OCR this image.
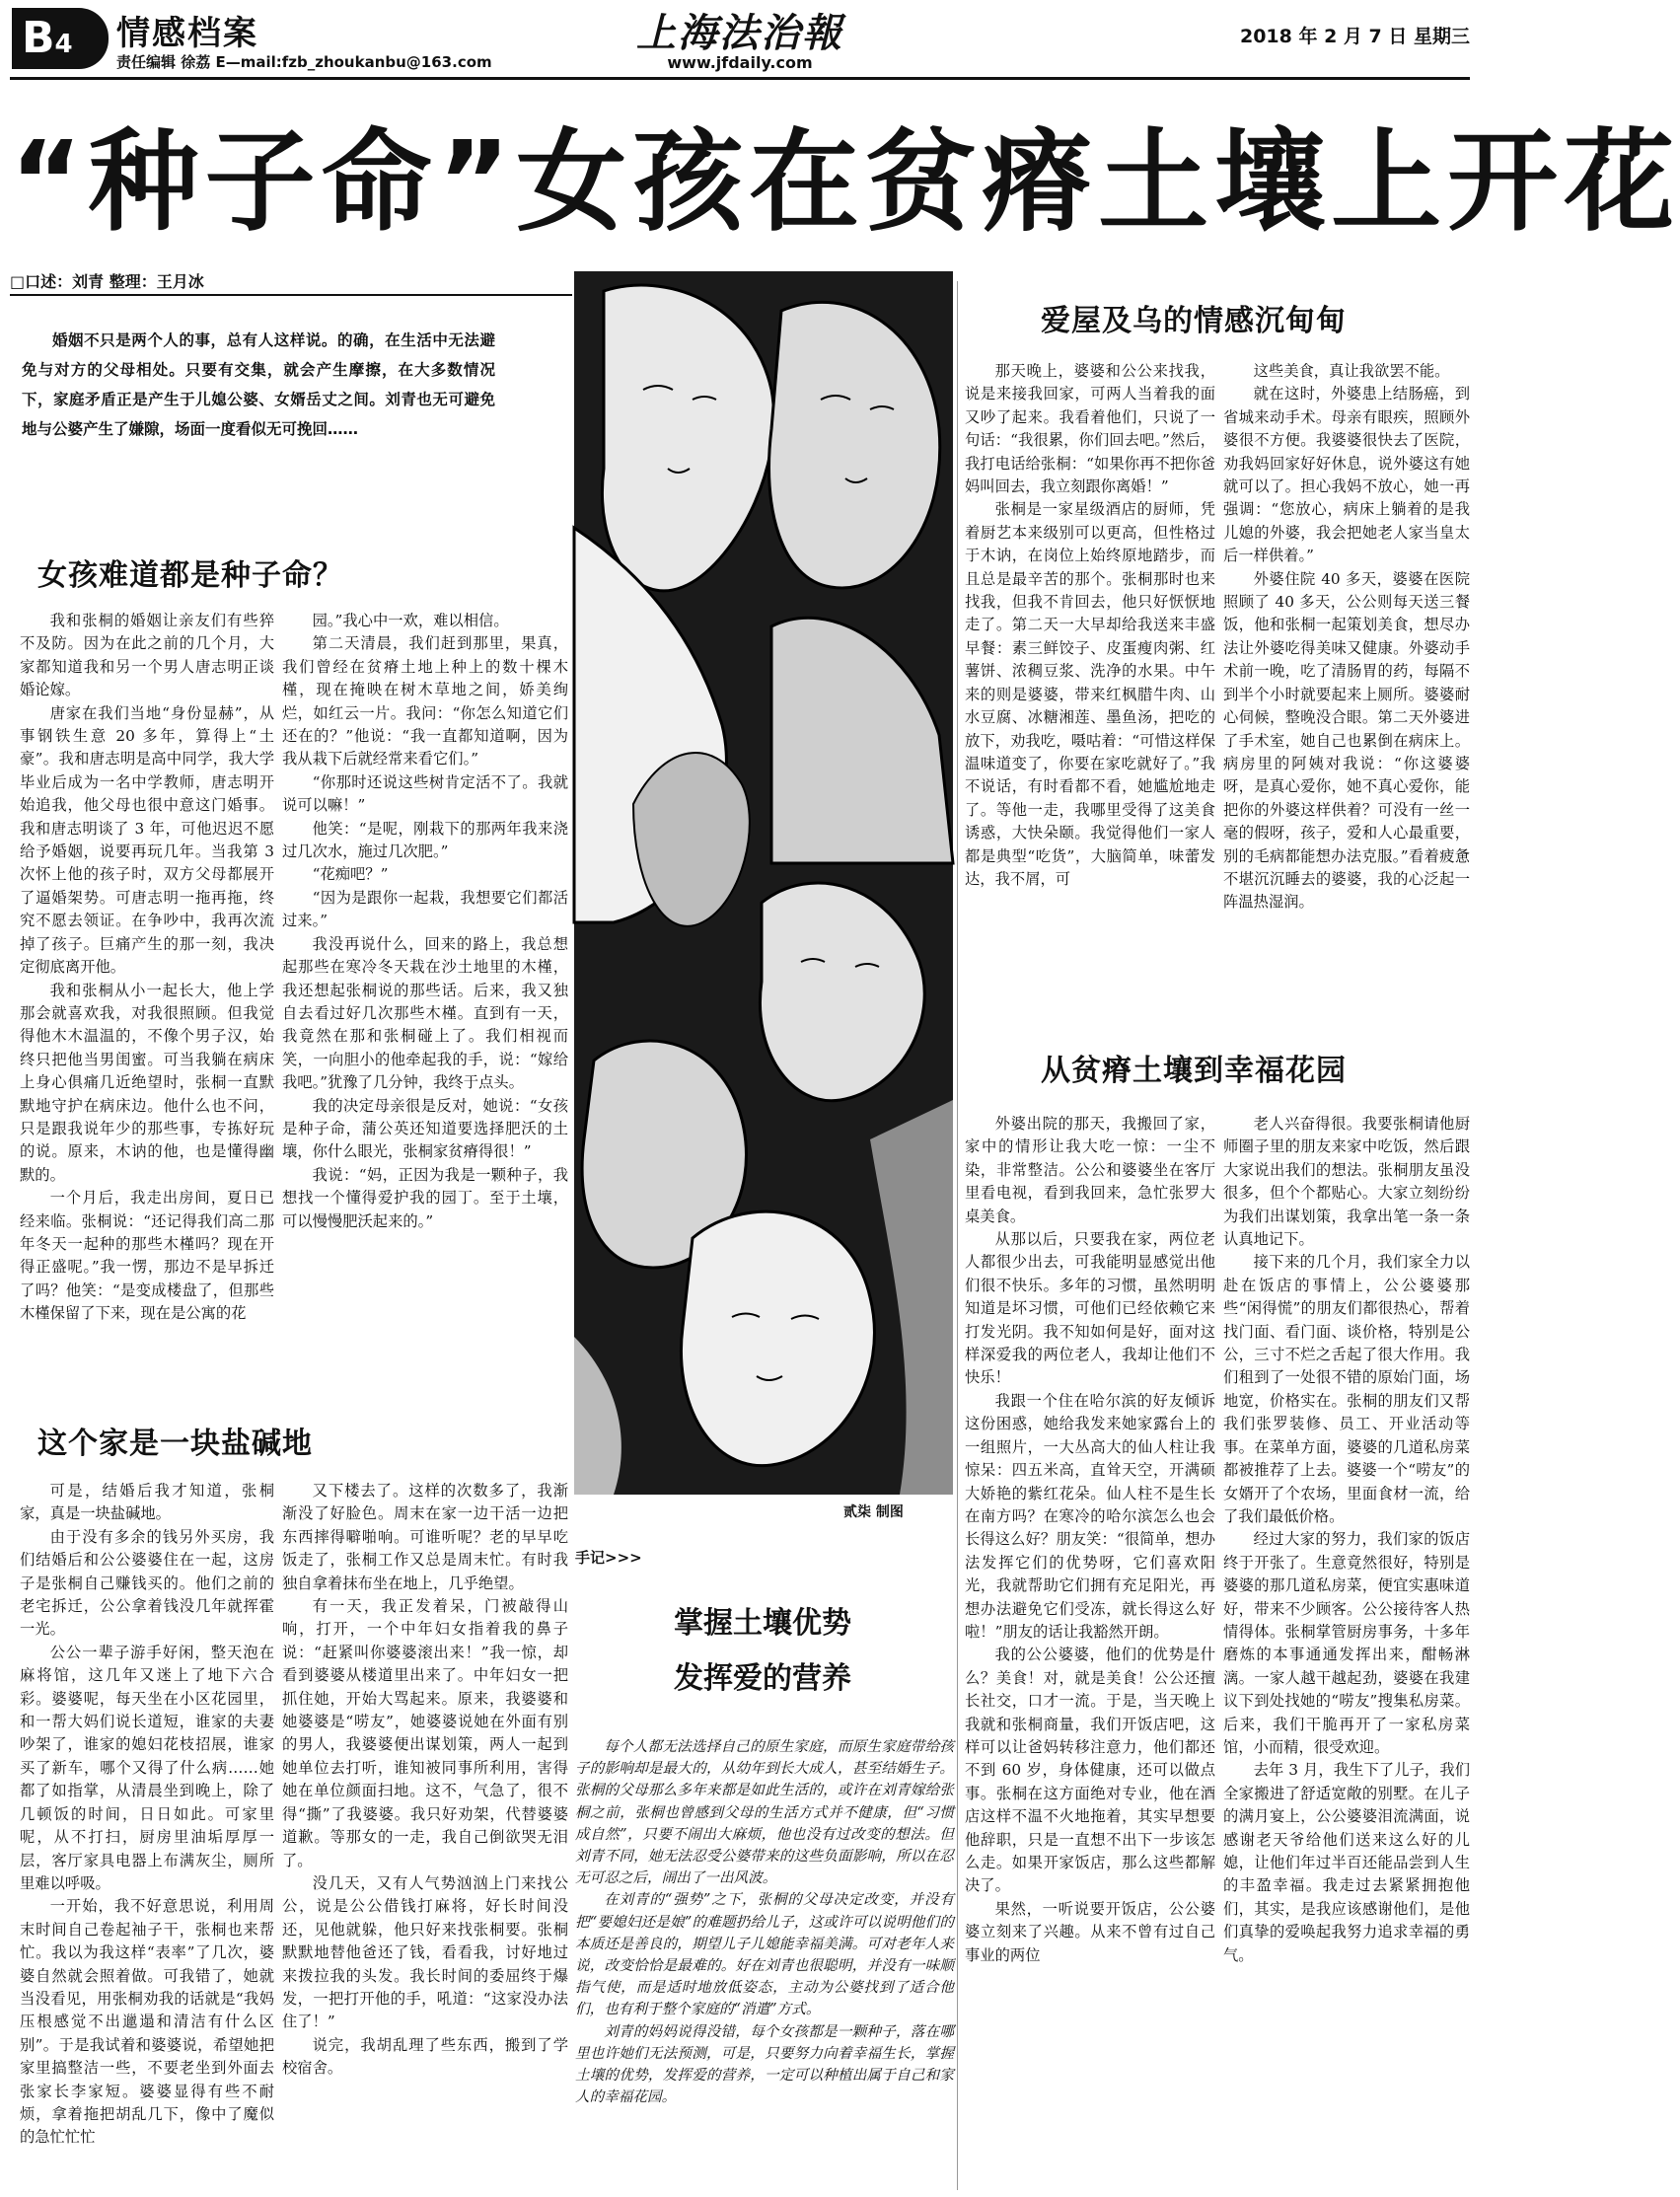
B4	情感档案
责任编辑 徐荔 E—mail:fzb_zhoukanbu@163.com
上海法治報
www.jfdaily.com
2018 年 2 月 7 日 星期三
“种子命”女孩在贫瘠土壤上开花
□口述：刘青 整理：王月冰
婚姻不只是两个人的事，总有人这样说。的确，在生活中无法避免与对方的父母相处。只要有交集，就会产生摩擦，在大多数情况下，家庭矛盾正是产生于儿媳公婆、女婿岳丈之间。刘青也无可避免地与公婆产生了嫌隙，场面一度看似无可挽回……
女孩难道都是种子命？

我和张桐的婚姻让亲友们有些猝不及防。因为在此之前的几个月，大家都知道我和另一个男人唐志明正谈婚论嫁。

唐家在我们当地“身份显赫”，从事钢铁生意 20 多年，算得上“土豪”。我和唐志明是高中同学，我大学毕业后成为一名中学教师，唐志明开始追我，他父母也很中意这门婚事。我和唐志明谈了 3 年，可他迟迟不愿给予婚姻，说要再玩几年。当我第 3 次怀上他的孩子时，双方父母都展开了逼婚架势。可唐志明一拖再拖，终究不愿去领证。在争吵中，我再次流掉了孩子。巨痛产生的那一刻，我决定彻底离开他。

我和张桐从小一起长大，他上学那会就喜欢我，对我很照顾。但我觉得他木木温温的，不像个男子汉，始终只把他当男闺蜜。可当我躺在病床上身心俱痛几近绝望时，张桐一直默默地守护在病床边。他什么也不问，只是跟我说年少的那些事，专拣好玩的说。原来，木讷的他，也是懂得幽默的。

一个月后，我走出房间，夏日已经来临。张桐说：“还记得我们高二那年冬天一起种的那些木槿吗？现在开得正盛呢。”我一愣，那边不是早拆迁了吗？他笑：“是变成楼盘了，但那些木槿保留了下来，现在是公寓的花

园。”我心中一欢，难以相信。

第二天清晨，我们赶到那里，果真，我们曾经在贫瘠土地上种上的数十棵木槿，现在掩映在树木草地之间，娇美绚烂，如红云一片。我问：“你怎么知道它们还在的？”他说：“我一直都知道啊，因为我从栽下后就经常来看它们。”

“你那时还说这些树肯定活不了。我就说可以嘛！”

他笑：“是呢，刚栽下的那两年我来浇过几次水，施过几次肥。”

“花痴吧？”

“因为是跟你一起栽，我想要它们都活过来。”

我没再说什么，回来的路上，我总想起那些在寒冷冬天栽在沙土地里的木槿，我还想起张桐说的那些话。后来，我又独自去看过好几次那些木槿。直到有一天，我竟然在那和张桐碰上了。我们相视而笑，一向胆小的他牵起我的手，说：“嫁给我吧。”犹豫了几分钟，我终于点头。

我的决定母亲很是反对，她说：“女孩是种子命，蒲公英还知道要选择肥沃的土壤，你什么眼光，张桐家贫瘠得很！”

我说：“妈，正因为我是一颗种子，我想找一个懂得爱护我的园丁。至于土壤，可以慢慢肥沃起来的。”

这个家是一块盐碱地

可是，结婚后我才知道，张桐家，真是一块盐碱地。

由于没有多余的钱另外买房，我们结婚后和公公婆婆住在一起，这房子是张桐自己赚钱买的。他们之前的老宅拆迁，公公拿着钱没几年就挥霍一光。

公公一辈子游手好闲，整天泡在麻将馆，这几年又迷上了地下六合彩。婆婆呢，每天坐在小区花园里，和一帮大妈们说长道短，谁家的夫妻吵架了，谁家的媳妇花枝招展，谁家买了新车，哪个又得了什么病……她都了如指掌，从清晨坐到晚上，除了几顿饭的时间，日日如此。可家里呢，从不打扫，厨房里油垢厚厚一层，客厅家具电器上布满灰尘，厕所里难以呼吸。

一开始，我不好意思说，利用周末时间自己卷起袖子干，张桐也来帮忙。我以为我这样“表率”了几次，婆婆自然就会照着做。可我错了，她就当没看见，用张桐劝我的话就是“我妈压根感觉不出邋遢和清洁有什么区别”。于是我试着和婆婆说，希望她把家里搞整洁一些，不要老坐到外面去张家长李家短。婆婆显得有些不耐烦，拿着拖把胡乱几下，像中了魔似的急忙忙忙

又下楼去了。这样的次数多了，我渐渐没了好脸色。周末在家一边干活一边把东西摔得噼啪响。可谁听呢？老的早早吃饭走了，张桐工作又总是周末忙。有时我独自拿着抹布坐在地上，几乎绝望。

有一天，我正发着呆，门被敲得山响，打开，一个中年妇女指着我的鼻子说：“赶紧叫你婆婆滚出来！”我一惊，却看到婆婆从楼道里出来了。中年妇女一把抓住她，开始大骂起来。原来，我婆婆和她婆婆是“唠友”，她婆婆说她在外面有别的男人，我婆婆便出谋划策，两人一起到她单位去打听，谁知被同事所利用，害得她在单位颜面扫地。这不，气急了，很不得“撕”了我婆婆。我只好劝架，代替婆婆道歉。等那女的一走，我自己倒欲哭无泪了。

没几天，又有人气势汹汹上门来找公公，说是公公借钱打麻将，好长时间没还，见他就躲，他只好来找张桐要。张桐默默地替他爸还了钱，看看我，讨好地过来拨拉我的头发。我长时间的委屈终于爆发，一把打开他的手，吼道：“这家没办法住了！”

说完，我胡乱理了些东西，搬到了学校宿舍。

贰柒 制图
手记>>>
掌握土壤优势
发挥爱的营养

每个人都无法选择自己的原生家庭，而原生家庭带给孩子的影响却是最大的，从幼年到长大成人，甚至结婚生子。张桐的父母那么多年来都是如此生活的，或许在刘青嫁给张桐之前，张桐也曾感到父母的生活方式并不健康，但“习惯成自然”，只要不闹出大麻烦，他也没有过改变的想法。但刘青不同，她无法忍受公婆带来的这些负面影响，所以在忍无可忍之后，闹出了一出风波。

在刘青的“强势”之下，张桐的父母决定改变，并没有把“要媳妇还是娘”的难题扔给儿子，这或许可以说明他们的本质还是善良的，期望儿子儿媳能幸福美满。可对老年人来说，改变恰恰是最难的。好在刘青也很聪明，并没有一味顺指气使，而是适时地放低姿态，主动为公婆找到了适合他们，也有利于整个家庭的“消遣”方式。

刘青的妈妈说得没错，每个女孩都是一颗种子，落在哪里也许她们无法预测，可是，只要努力向着幸福生长，掌握土壤的优势，发挥爱的营养，一定可以种植出属于自己和家人的幸福花园。

爱屋及乌的情感沉甸甸

那天晚上，婆婆和公公来找我，说是来接我回家，可两人当着我的面又吵了起来。我看着他们，只说了一句话：“我很累，你们回去吧。”然后，我打电话给张桐：“如果你再不把你爸妈叫回去，我立刻跟你离婚！”

张桐是一家星级酒店的厨师，凭着厨艺本来级别可以更高，但性格过于木讷，在岗位上始终原地踏步，而且总是最辛苦的那个。张桐那时也来找我，但我不肯回去，他只好恹恹地走了。第二天一大早却给我送来丰盛早餐：素三鲜饺子、皮蛋瘦肉粥、红薯饼、浓稠豆浆、洗净的水果。中午来的则是婆婆，带来红枫腊牛肉、山水豆腐、冰糖湘莲、墨鱼汤，把吃的放下，劝我吃，嗫咕着：“可惜这样保温味道变了，你要在家吃就好了。”我不说话，有时看都不看，她尴尬地走了。等他一走，我哪里受得了这美食诱惑，大快朵颐。我觉得他们一家人都是典型“吃货”，大脑简单，味蕾发达，我不屑，可

这些美食，真让我欲罢不能。

就在这时，外婆患上结肠癌，到省城来动手术。母亲有眼疾，照顾外婆很不方便。我婆婆很快去了医院，劝我妈回家好好休息，说外婆这有她就可以了。担心我妈不放心，她一再强调：“您放心，病床上躺着的是我儿媳的外婆，我会把她老人家当皇太后一样供着。”

外婆住院 40 多天，婆婆在医院照顾了 40 多天，公公则每天送三餐饭，他和张桐一起策划美食，想尽办法让外婆吃得美味又健康。外婆动手术前一晚，吃了清肠胃的药，每隔不到半个小时就要起来上厕所。婆婆耐心伺候，整晚没合眼。第二天外婆进了手术室，她自己也累倒在病床上。病房里的阿姨对我说：“你这婆婆呀，是真心爱你，她不真心爱你，能把你的外婆这样供着？可没有一丝一毫的假呀，孩子，爱和人心最重要，别的毛病都能想办法克服。”看着疲惫不堪沉沉睡去的婆婆，我的心泛起一阵温热湿润。

从贫瘠土壤到幸福花园

外婆出院的那天，我搬回了家，家中的情形让我大吃一惊：一尘不染，非常整洁。公公和婆婆坐在客厅里看电视，看到我回来，急忙张罗大桌美食。

从那以后，只要我在家，两位老人都很少出去，可我能明显感觉出他们很不快乐。多年的习惯，虽然明明知道是坏习惯，可他们已经依赖它来打发光阴。我不知如何是好，面对这样深爱我的两位老人，我却让他们不快乐！

我跟一个住在哈尔滨的好友倾诉这份困惑，她给我发来她家露台上的一组照片，一大丛高大的仙人柱让我惊呆：四五米高，直耸天空，开满硕大娇艳的紫红花朵。仙人柱不是生长在南方吗？在寒冷的哈尔滨怎么也会长得这么好？朋友笑：“很简单，想办法发挥它们的优势呀，它们喜欢阳光，我就帮助它们拥有充足阳光，再想办法避免它们受冻，就长得这么好啦！”朋友的话让我豁然开朗。

我的公公婆婆，他们的优势是什么？美食！对，就是美食！公公还擅长社交，口才一流。于是，当天晚上我就和张桐商量，我们开饭店吧，这样可以让爸妈转移注意力，他们都还不到 60 岁，身体健康，还可以做点事。张桐在这方面绝对专业，他在酒店这样不温不火地拖着，其实早想要他辞职，只是一直想不出下一步该怎么走。如果开家饭店，那么这些都解决了。

果然，一听说要开饭店，公公婆婆立刻来了兴趣。从来不曾有过自己事业的两位

老人兴奋得很。我要张桐请他厨师圈子里的朋友来家中吃饭，然后跟大家说出我们的想法。张桐朋友虽没很多，但个个都贴心。大家立刻纷纷为我们出谋划策，我拿出笔一条一条认真地记下。

接下来的几个月，我们家全力以赴在饭店的事情上，公公婆婆那些“闲得慌”的朋友们都很热心，帮着找门面、看门面、谈价格，特别是公公，三寸不烂之舌起了很大作用。我们租到了一处很不错的原始门面，场地宽，价格实在。张桐的朋友们又帮我们张罗装修、员工、开业活动等事。在菜单方面，婆婆的几道私房菜都被推荐了上去。婆婆一个“唠友”的女婿开了个农场，里面食材一流，给了我们最低价格。

经过大家的努力，我们家的饭店终于开张了。生意竟然很好，特别是婆婆的那几道私房菜，便宜实惠味道好，带来不少顾客。公公接待客人热情得体。张桐掌管厨房事务，十多年磨炼的本事通通发挥出来，酣畅淋漓。一家人越干越起劲，婆婆在我建议下到处找她的“唠友”搜集私房菜。后来，我们干脆再开了一家私房菜馆，小而精，很受欢迎。

去年 3 月，我生下了儿子，我们全家搬进了舒适宽敞的别墅。在儿子的满月宴上，公公婆婆泪流满面，说感谢老天爷给他们送来这么好的儿媳，让他们年过半百还能品尝到人生的丰盈幸福。我走过去紧紧拥抱他们，其实，是我应该感谢他们，是他们真挚的爱唤起我努力追求幸福的勇气。
